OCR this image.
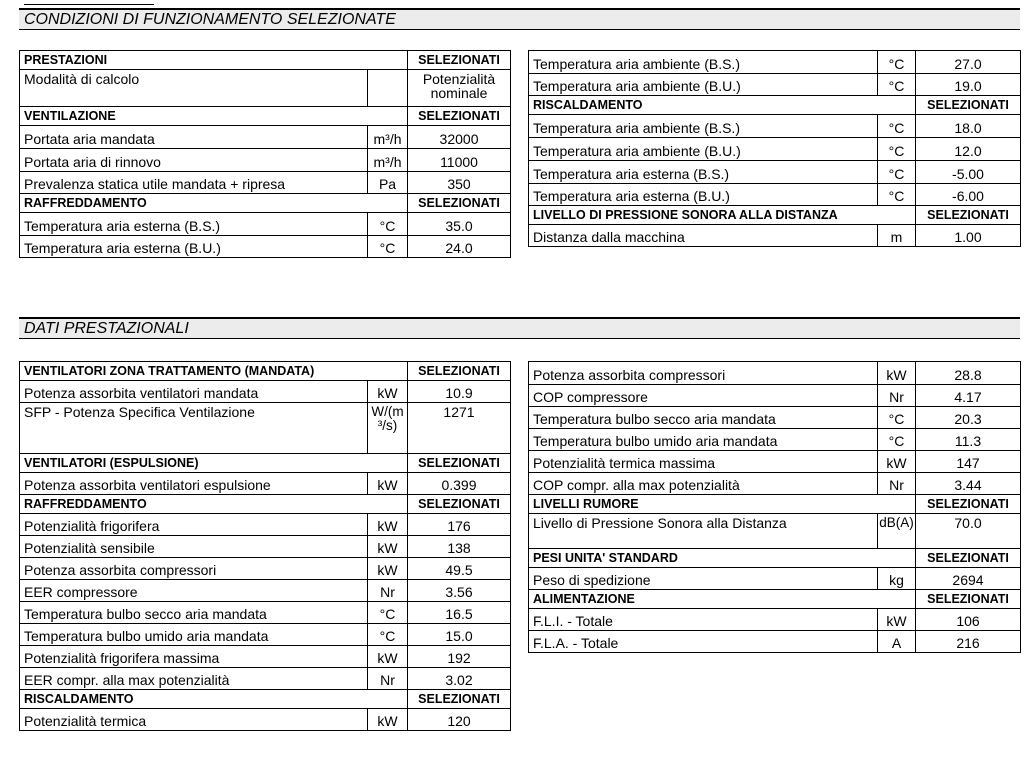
CONDIZIONI DI FUNZIONAMENTO SELEZIONATE
PRESTAZIONI		SELEZIONATI
Modalità di calcolo		Potenzialità nominale
VENTILAZIONE		SELEZIONATI
Portata aria mandata	m³/h	32000
Portata aria di rinnovo	m³/h	11000
Prevalenza statica utile mandata + ripresa	Pa	350
RAFFREDDAMENTO		SELEZIONATI
Temperatura aria esterna (B.S.)	°C	35.0
Temperatura aria esterna (B.U.)	°C	24.0
Temperatura aria ambiente (B.S.)	°C	27.0
Temperatura aria ambiente (B.U.)	°C	19.0
RISCALDAMENTO		SELEZIONATI
Temperatura aria ambiente (B.S.)	°C	18.0
Temperatura aria ambiente (B.U.)	°C	12.0
Temperatura aria esterna (B.S.)	°C	-5.00
Temperatura aria esterna (B.U.)	°C	-6.00
LIVELLO DI PRESSIONE SONORA ALLA DISTANZA		SELEZIONATI
Distanza dalla macchina	m	1.00
DATI PRESTAZIONALI
VENTILATORI ZONA TRATTAMENTO (MANDATA)		SELEZIONATI
Potenza assorbita ventilatori mandata	kW	10.9
SFP - Potenza Specifica Ventilazione	W/(m³/s)	1271
VENTILATORI (ESPULSIONE)		SELEZIONATI
Potenza assorbita ventilatori espulsione	kW	0.399
RAFFREDDAMENTO		SELEZIONATI
Potenzialità frigorifera	kW	176
Potenzialità sensibile	kW	138
Potenza assorbita compressori	kW	49.5
EER compressore	Nr	3.56
Temperatura bulbo secco aria mandata	°C	16.5
Temperatura bulbo umido aria mandata	°C	15.0
Potenzialità frigorifera massima	kW	192
EER compr. alla max potenzialità	Nr	3.02
RISCALDAMENTO		SELEZIONATI
Potenzialità termica	kW	120
Potenza assorbita compressori	kW	28.8
COP compressore	Nr	4.17
Temperatura bulbo secco aria mandata	°C	20.3
Temperatura bulbo umido aria mandata	°C	11.3
Potenzialità termica massima	kW	147
COP compr. alla max potenzialità	Nr	3.44
LIVELLI RUMORE		SELEZIONATI
Livello di Pressione Sonora alla Distanza	dB(A)	70.0
PESI UNITA' STANDARD		SELEZIONATI
Peso di spedizione	kg	2694
ALIMENTAZIONE		SELEZIONATI
F.L.I. - Totale	kW	106
F.L.A. - Totale	A	216
